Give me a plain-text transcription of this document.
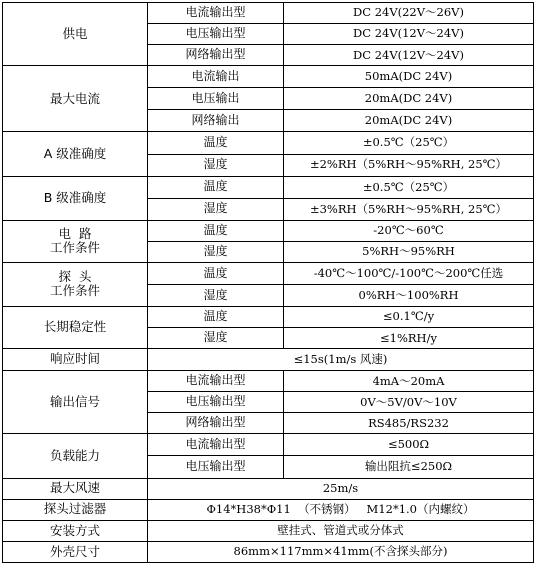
供电	电流输出型	DC 24V(22V～26V)
	电压输出型	DC 24V(12V～24V)
	网络输出型	DC 24V(12V～24V)
最大电流	电流输出	50mA(DC 24V)
	电压输出	20mA(DC 24V)
	网络输出	20mA(DC 24V)
A 级准确度	温度	±0.5℃（25℃）
	湿度	±2%RH（5%RH～95%RH, 25℃）
B 级准确度	温度	±0.5℃（25℃）
	湿度	±3%RH（5%RH～95%RH, 25℃）

电  路
工作条件	温度	-20℃～60℃
	湿度	5%RH～95%RH

探  头
工作条件	温度	-40℃～100℃/-100℃～200℃任选
	湿度	0%RH～100%RH
长期稳定性	温度	≤0.1℃/y
	湿度	≤1%RH/y
响应时间	≤15s(1m/s 风速)	
输出信号	电流输出型	4mA～20mA
	电压输出型	0V～5V/0V～10V
	网络输出型	RS485/RS232
负载能力	电流输出型	≤500Ω
	电压输出型	输出阻抗≤250Ω
最大风速	25m/s	
探头过滤器	Φ14*H38*Φ11  （不锈钢）   M12*1.0（内螺纹）	
安装方式	壁挂式、管道式或分体式	
外壳尺寸	86mm×117mm×41mm(不含探头部分)	
